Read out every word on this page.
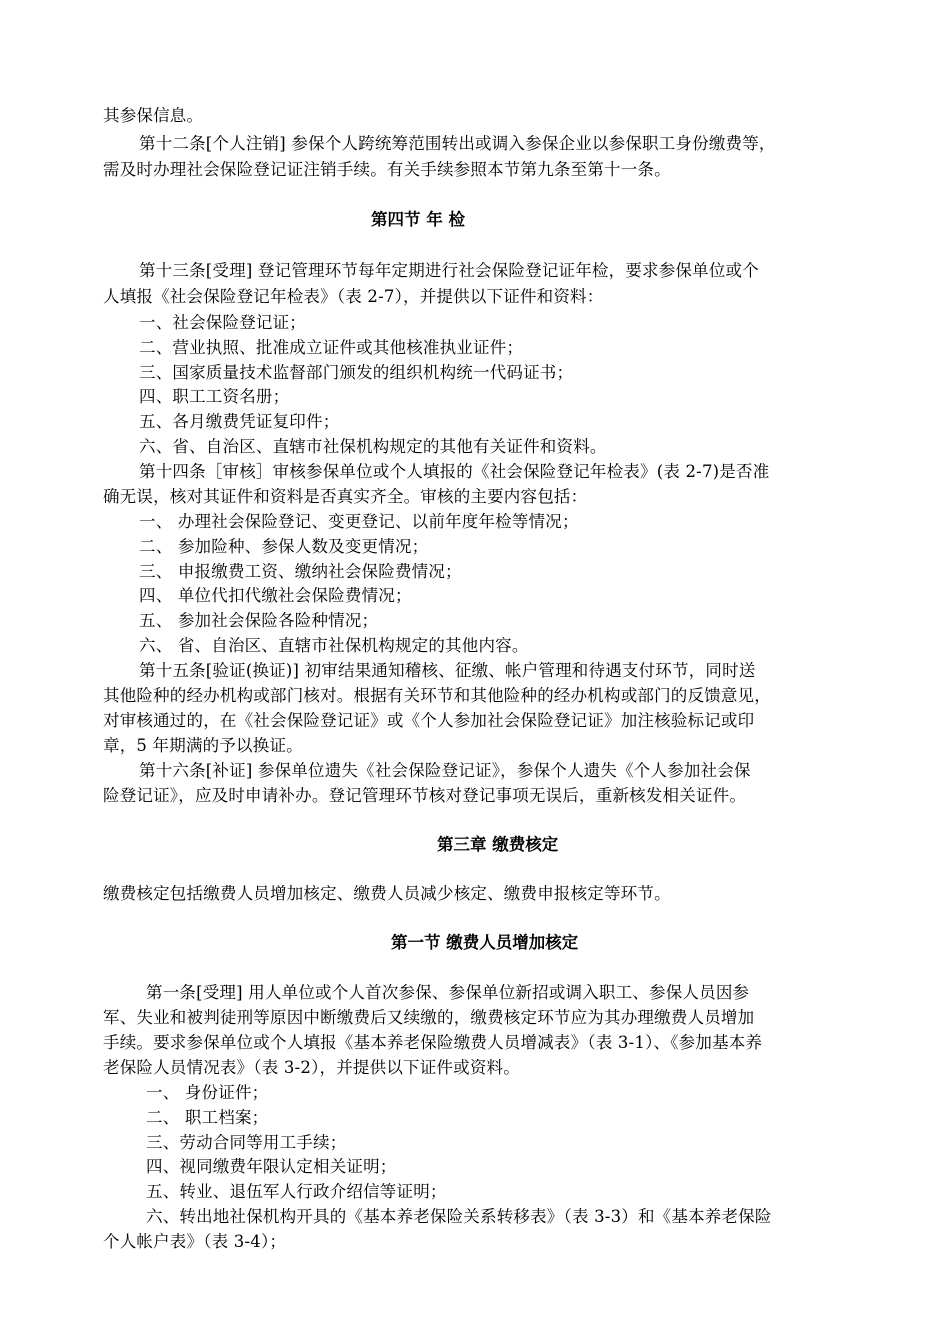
其参保信息。
第十二条[个人注销] 参保个人跨统筹范围转出或调入参保企业以参保职工身份缴费等，
需及时办理社会保险登记证注销手续。有关手续参照本节第九条至第十一条。
第四节 年 检
第十三条[受理] 登记管理环节每年定期进行社会保险登记证年检，要求参保单位或个
人填报《社会保险登记年检表》（表 2-7），并提供以下证件和资料：
一、社会保险登记证；
二、营业执照、批准成立证件或其他核准执业证件；
三、国家质量技术监督部门颁发的组织机构统一代码证书；
四、职工工资名册；
五、各月缴费凭证复印件；
六、省、自治区、直辖市社保机构规定的其他有关证件和资料。
第十四条［审核］审核参保单位或个人填报的《社会保险登记年检表》(表 2-7)是否准
确无误，核对其证件和资料是否真实齐全。审核的主要内容包括：
一、 办理社会保险登记、变更登记、以前年度年检等情况；
二、 参加险种、参保人数及变更情况；
三、 申报缴费工资、缴纳社会保险费情况；
四、 单位代扣代缴社会保险费情况；
五、 参加社会保险各险种情况；
六、 省、自治区、直辖市社保机构规定的其他内容。
第十五条[验证(换证)] 初审结果通知稽核、征缴、帐户管理和待遇支付环节，同时送
其他险种的经办机构或部门核对。根据有关环节和其他险种的经办机构或部门的反馈意见，
对审核通过的，在《社会保险登记证》或《个人参加社会保险登记证》加注核验标记或印
章，5 年期满的予以换证。
第十六条[补证] 参保单位遗失《社会保险登记证》，参保个人遗失《个人参加社会保
险登记证》，应及时申请补办。登记管理环节核对登记事项无误后，重新核发相关证件。
第三章 缴费核定
缴费核定包括缴费人员增加核定、缴费人员减少核定、缴费申报核定等环节。
第一节 缴费人员增加核定
第一条[受理] 用人单位或个人首次参保、参保单位新招或调入职工、参保人员因参
军、失业和被判徒刑等原因中断缴费后又续缴的，缴费核定环节应为其办理缴费人员增加
手续。要求参保单位或个人填报《基本养老保险缴费人员增减表》（表 3-1）、《参加基本养
老保险人员情况表》（表 3-2），并提供以下证件或资料。
一、 身份证件；
二、 职工档案；
三、劳动合同等用工手续；
四、视同缴费年限认定相关证明；
五、转业、退伍军人行政介绍信等证明；
六、转出地社保机构开具的《基本养老保险关系转移表》（表 3-3）和《基本养老保险
个人帐户表》（表 3-4）；
